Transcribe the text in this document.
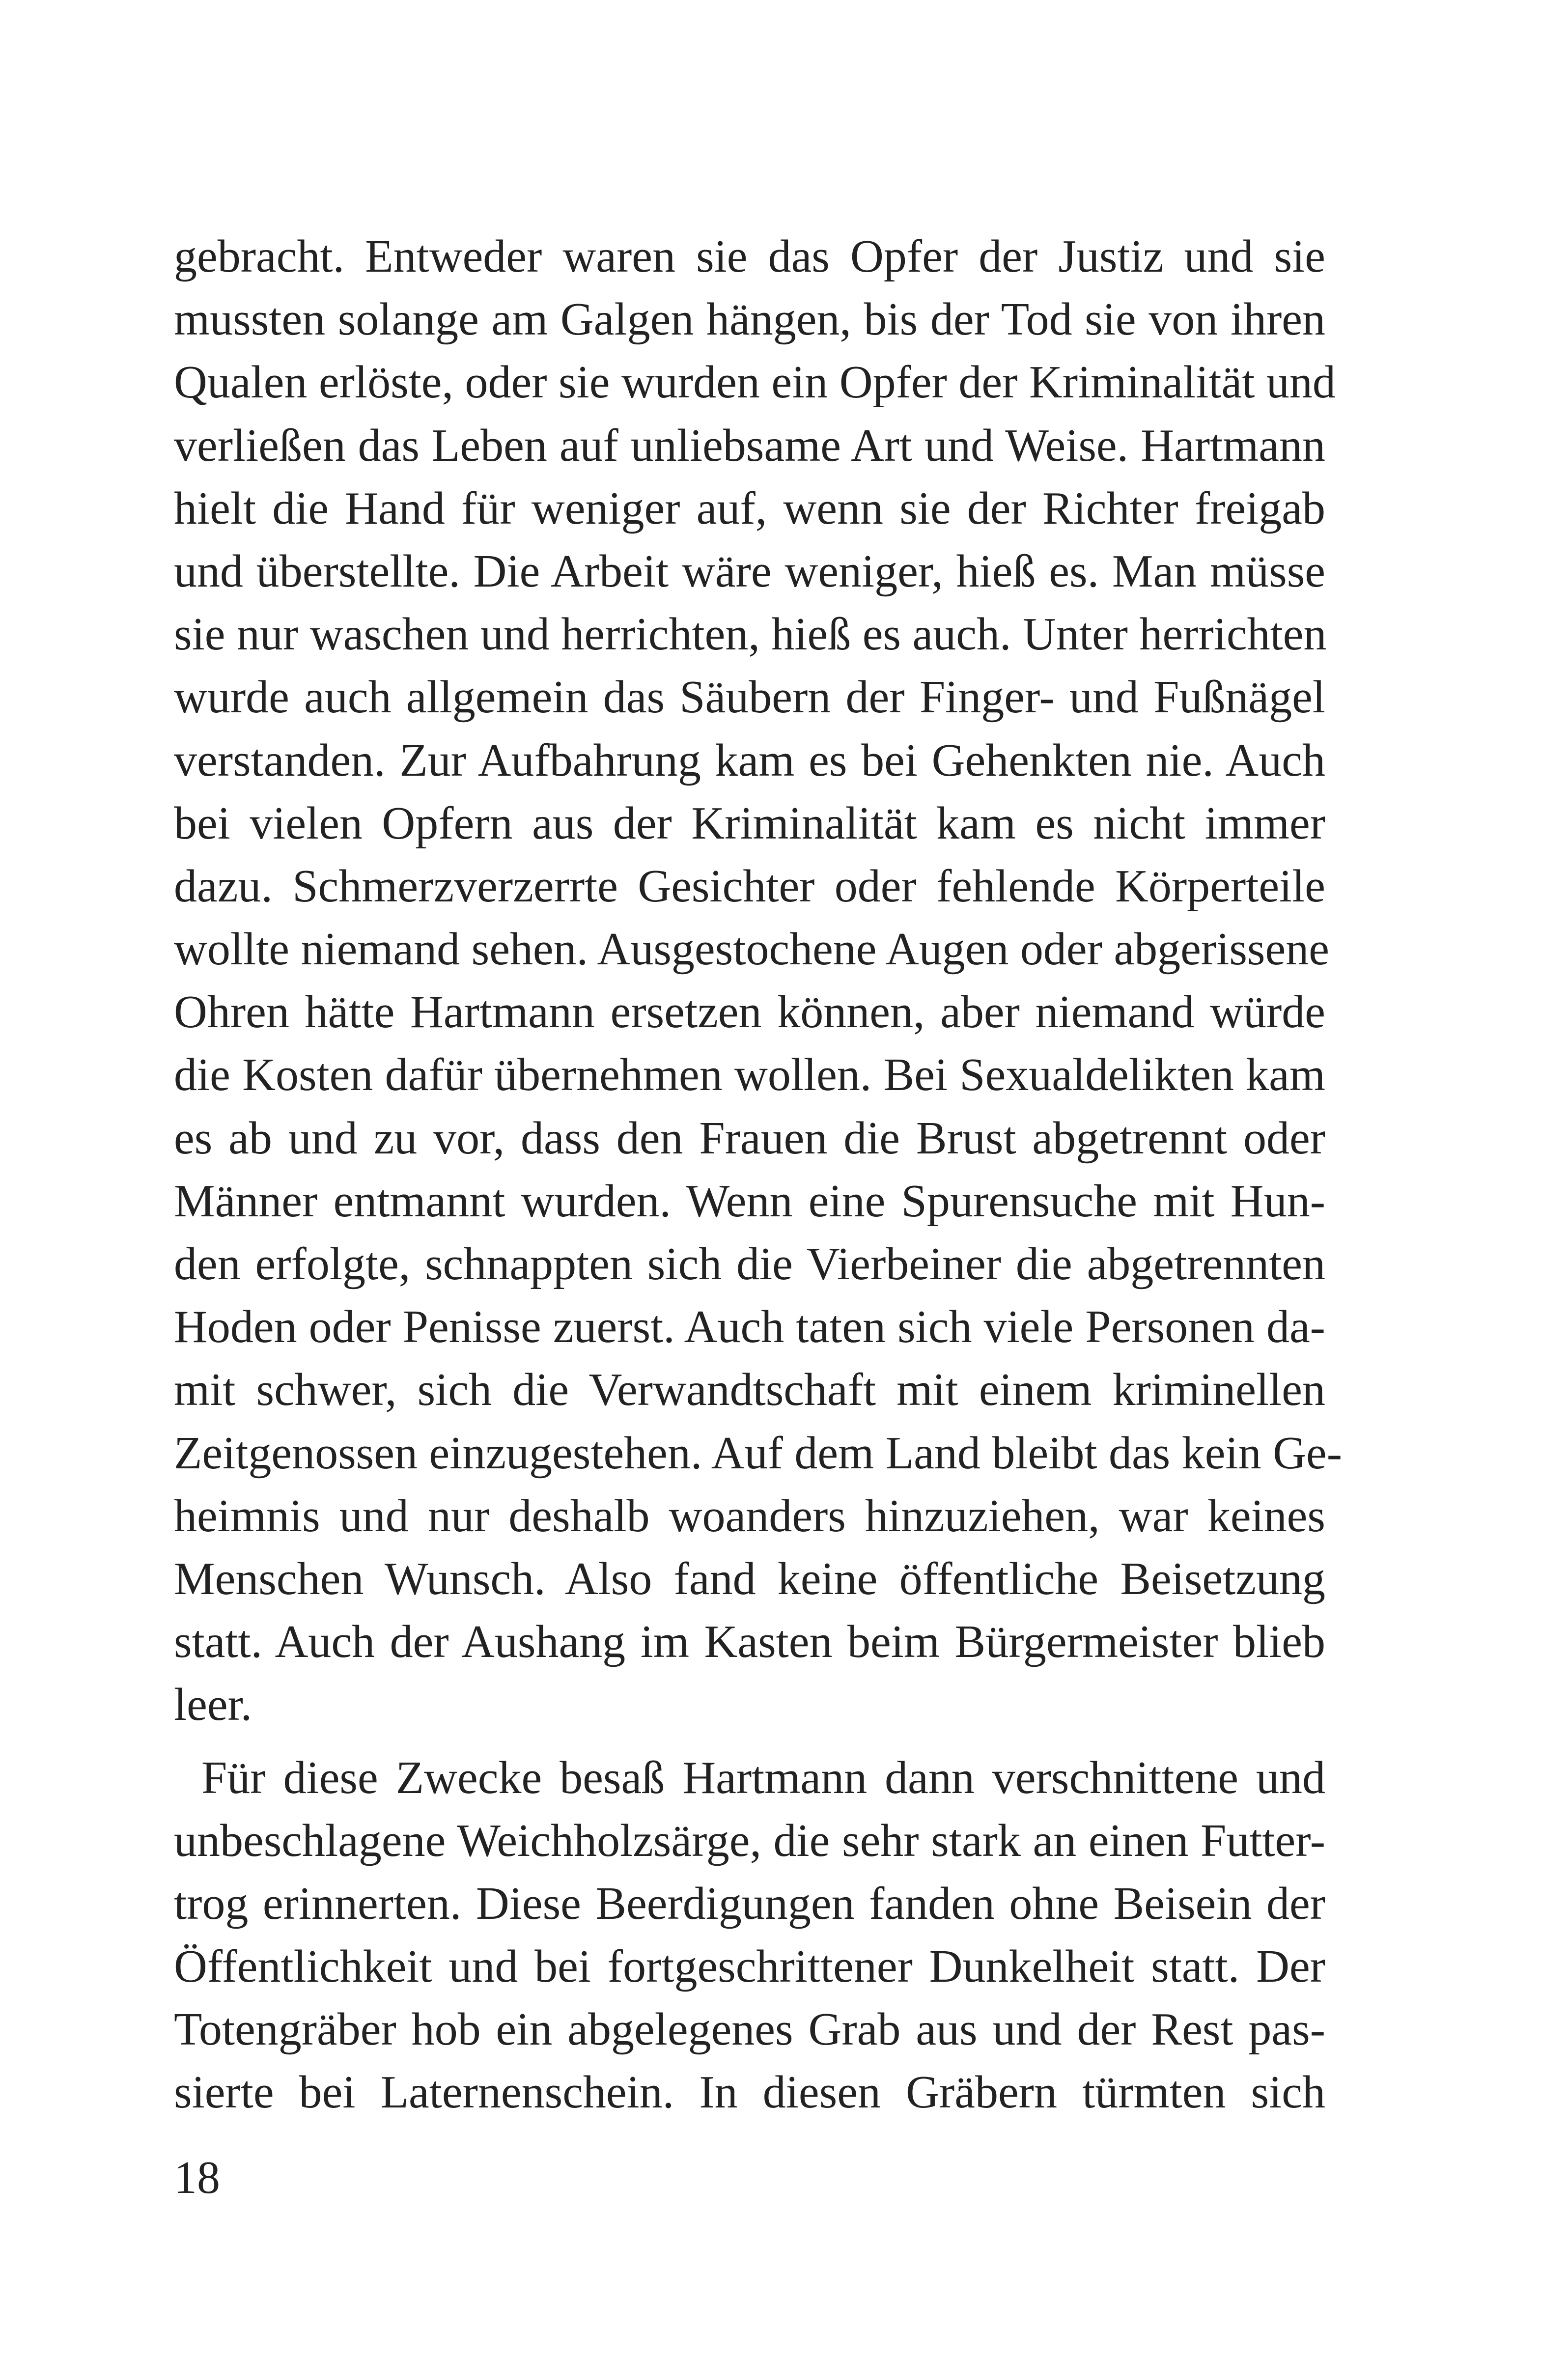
gebracht. Entweder waren sie das Opfer der Justiz und sie
mussten solange am Galgen hängen, bis der Tod sie von ihren
Qualen erlöste, oder sie wurden ein Opfer der Kriminalität und
verließen das Leben auf unliebsame Art und Weise. Hartmann
hielt die Hand für weniger auf, wenn sie der Richter freigab
und überstellte. Die Arbeit wäre weniger, hieß es. Man müsse
sie nur waschen und herrichten, hieß es auch. Unter herrichten
wurde auch allgemein das Säubern der Finger- und Fußnägel
verstanden. Zur Aufbahrung kam es bei Gehenkten nie. Auch
bei vielen Opfern aus der Kriminalität kam es nicht immer
dazu. Schmerzverzerrte Gesichter oder fehlende Körperteile
wollte niemand sehen. Ausgestochene Augen oder abgerissene
Ohren hätte Hartmann ersetzen können, aber niemand würde
die Kosten dafür übernehmen wollen. Bei Sexualdelikten kam
es ab und zu vor, dass den Frauen die Brust abgetrennt oder
Männer entmannt wurden. Wenn eine Spurensuche mit Hun-
den erfolgte, schnappten sich die Vierbeiner die abgetrennten
Hoden oder Penisse zuerst. Auch taten sich viele Personen da-
mit schwer, sich die Verwandtschaft mit einem kriminellen
Zeitgenossen einzugestehen. Auf dem Land bleibt das kein Ge-
heimnis und nur deshalb woanders hinzuziehen, war keines
Menschen Wunsch. Also fand keine öffentliche Beisetzung
statt. Auch der Aushang im Kasten beim Bürgermeister blieb
leer.
Für diese Zwecke besaß Hartmann dann verschnittene und
unbeschlagene Weichholzsärge, die sehr stark an einen Futter-
trog erinnerten. Diese Beerdigungen fanden ohne Beisein der
Öffentlichkeit und bei fortgeschrittener Dunkelheit statt. Der
Totengräber hob ein abgelegenes Grab aus und der Rest pas-
sierte bei Laternenschein. In diesen Gräbern türmten sich
18
